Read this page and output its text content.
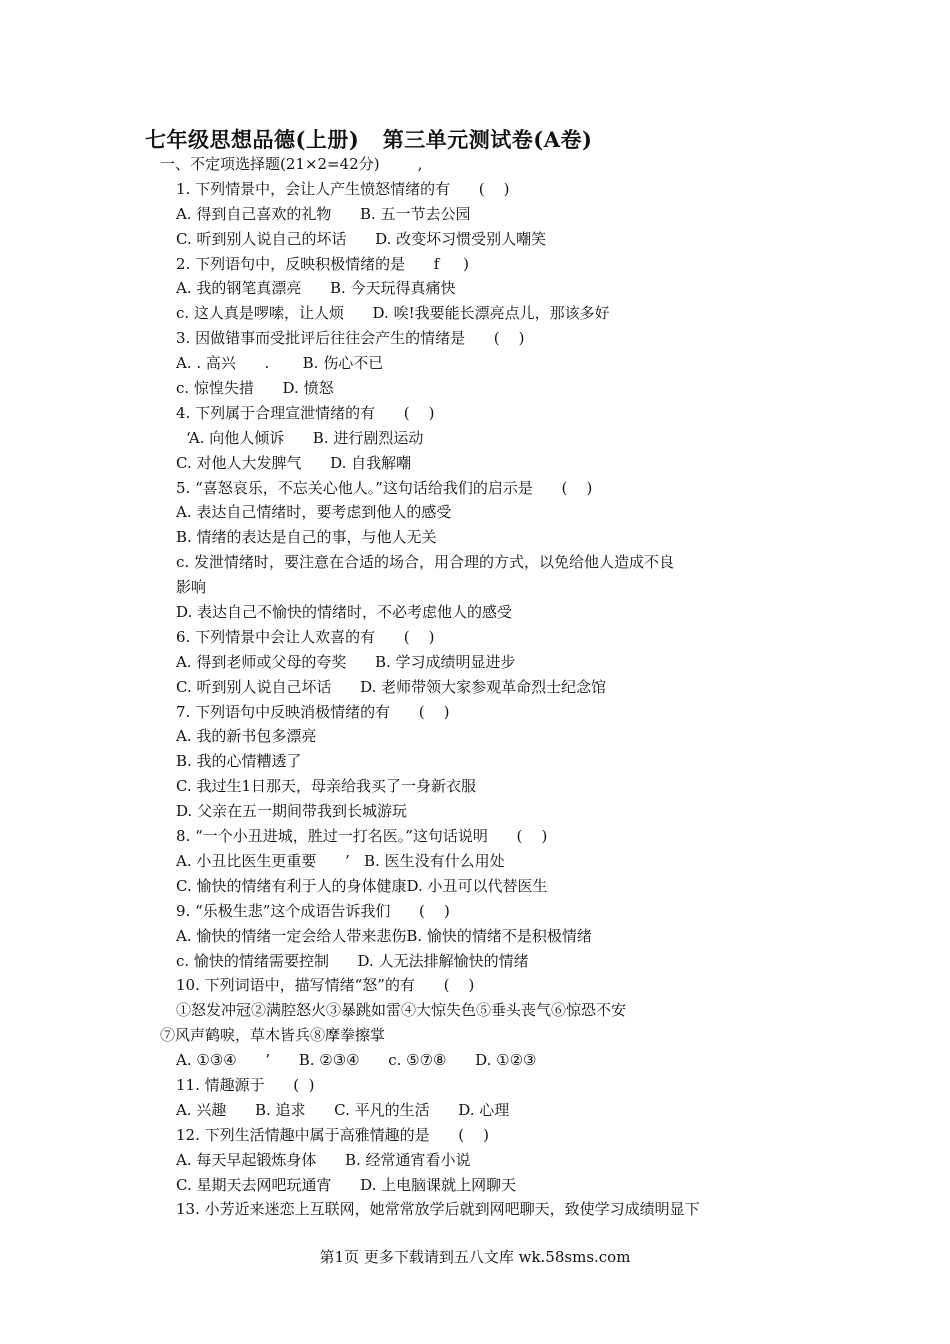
七年级思想品德(上册)   第三单元测试卷(A卷)
一、不定项选择题(21×2=42分)        ,
1. 下列情景中，会让人产生愤怒情绪的有      (    )
A. 得到自己喜欢的礼物      B. 五一节去公园
C. 听到别人说自己的坏话      D. 改变坏习惯受别人嘲笑
2. 下列语句中，反映积极情绪的是      f     )
A. 我的钢笔真漂亮      B. 今天玩得真痛快
c. 这人真是啰嗦，让人烦      D. 唉!我要能长漂亮点儿，那该多好
3. 因做错事而受批评后往往会产生的情绪是      (    )
A. . 高兴      .       B. 伤心不已
c. 惊惶失措      D. 愤怒
4. 下列属于合理宣泄情绪的有      (    )
‘A. 向他人倾诉      B. 进行剧烈运动
C. 对他人大发脾气      D. 自我解嘲
5. “喜怒哀乐，不忘关心他人。”这句话给我们的启示是      (    )
A. 表达自己情绪时，要考虑到他人的感受
B. 情绪的表达是自己的事，与他人无关
c. 发泄情绪时，要注意在合适的场合，用合理的方式，以免给他人造成不良
影响
D. 表达自己不愉快的情绪时，不必考虑他人的感受
6. 下列情景中会让人欢喜的有      (    )
A. 得到老师或父母的夸奖      B. 学习成绩明显进步
C. 听到别人说自己坏话      D. 老师带领大家参观革命烈士纪念馆
7. 下列语句中反映消极情绪的有      (    )
A. 我的新书包多漂亮
B. 我的心情糟透了
C. 我过生1日那天，母亲给我买了一身新衣服
D. 父亲在五一期间带我到长城游玩
8. “一个小丑进城，胜过一打名医。”这句话说明      (    )
A. 小丑比医生更重要      ’   B. 医生没有什么用处
C. 愉快的情绪有利于人的身体健康D. 小丑可以代替医生
9. “乐极生悲”这个成语告诉我们      (    )
A. 愉快的情绪一定会给人带来悲伤B. 愉快的情绪不是积极情绪
c. 愉快的情绪需要控制      D. 人无法排解愉快的情绪
10. 下列词语中，描写情绪“怒”的有      (    )
①怒发冲冠②满腔怒火③暴跳如雷④大惊失色⑤垂头丧气⑥惊恐不安
⑦风声鹤唳，草木皆兵⑧摩拳擦掌
A. ①③④      ’      B. ②③④      c. ⑤⑦⑧      D. ①②③
11. 情趣源于      (  )
A. 兴趣      B. 追求      C. 平凡的生活      D. 心理
12. 下列生活情趣中属于高雅情趣的是      (    )
A. 每天早起锻炼身体      B. 经常通宵看小说
C. 星期天去网吧玩通宵      D. 上电脑课就上网聊天
13. 小芳近来迷恋上互联网，她常常放学后就到网吧聊天，致使学习成绩明显下
第1页 更多下载请到五八文库 wk.58sms.com
